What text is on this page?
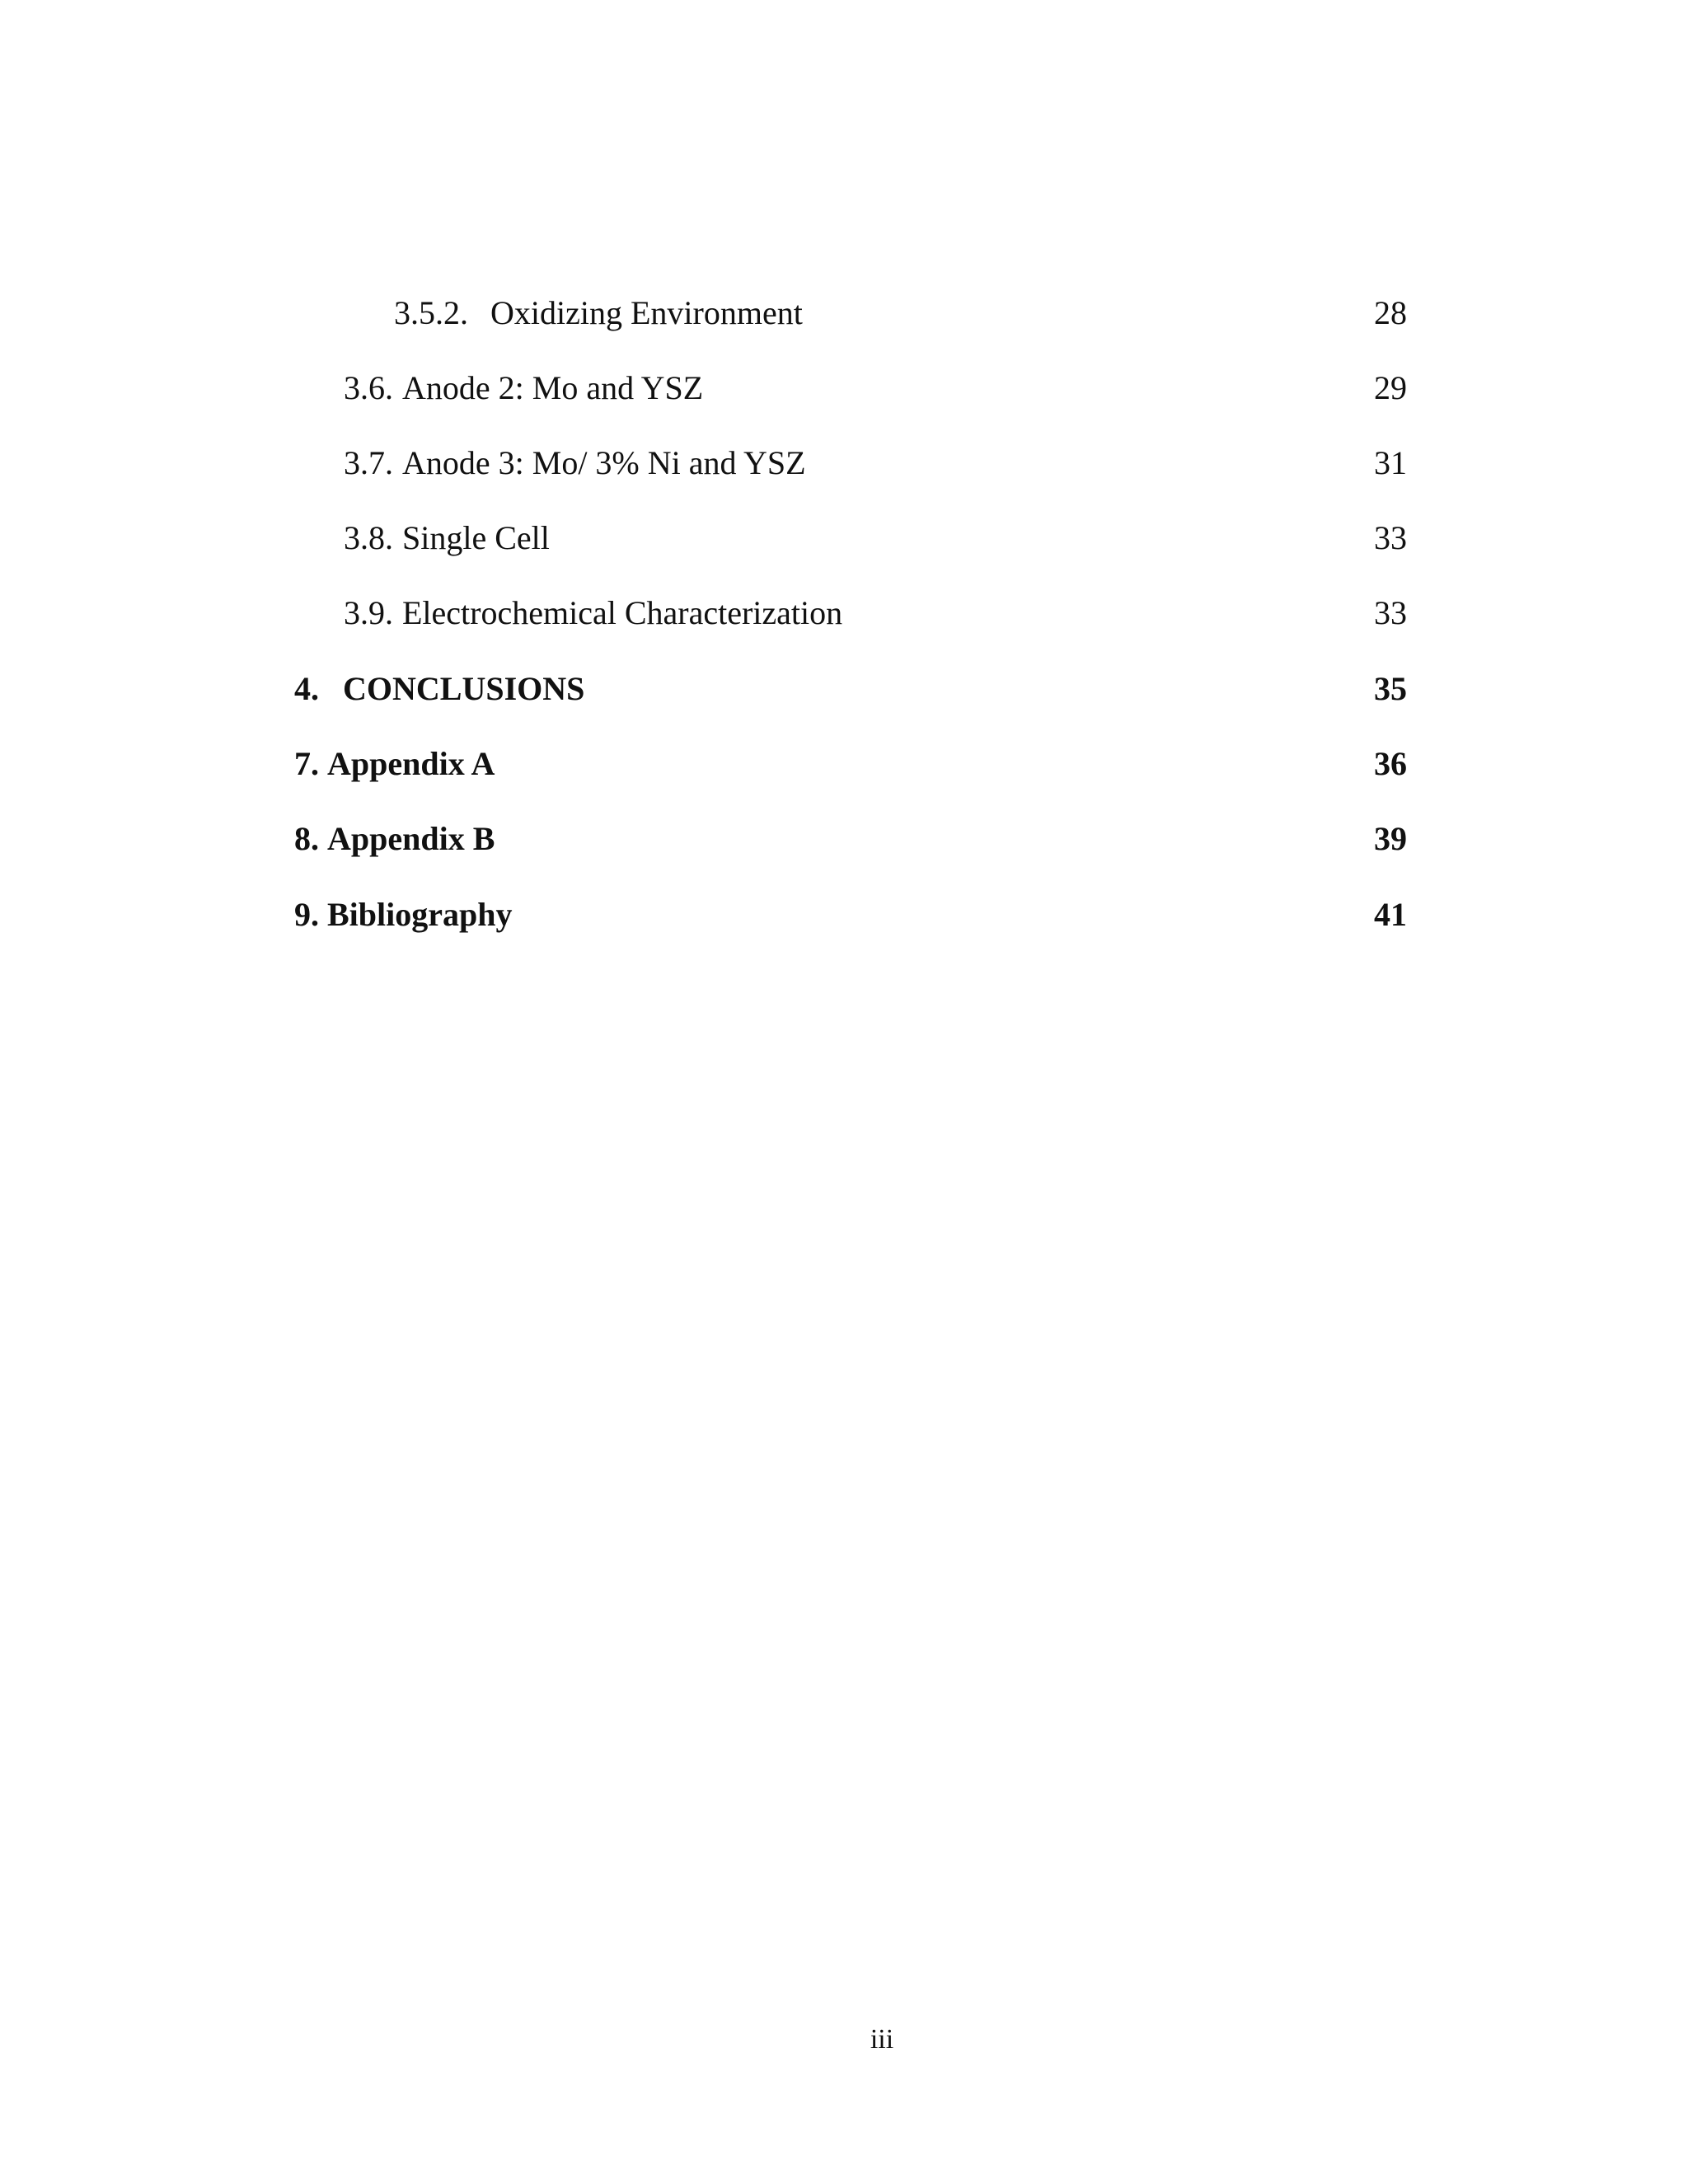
3.5.2. Oxidizing Environment	28
3.6. Anode 2: Mo and YSZ	29
3.7. Anode 3: Mo/ 3% Ni and YSZ	31
3.8. Single Cell	33
3.9. Electrochemical Characterization	33
4. CONCLUSIONS	35
7. Appendix A	36
8. Appendix B	39
9. Bibliography	41
iii
